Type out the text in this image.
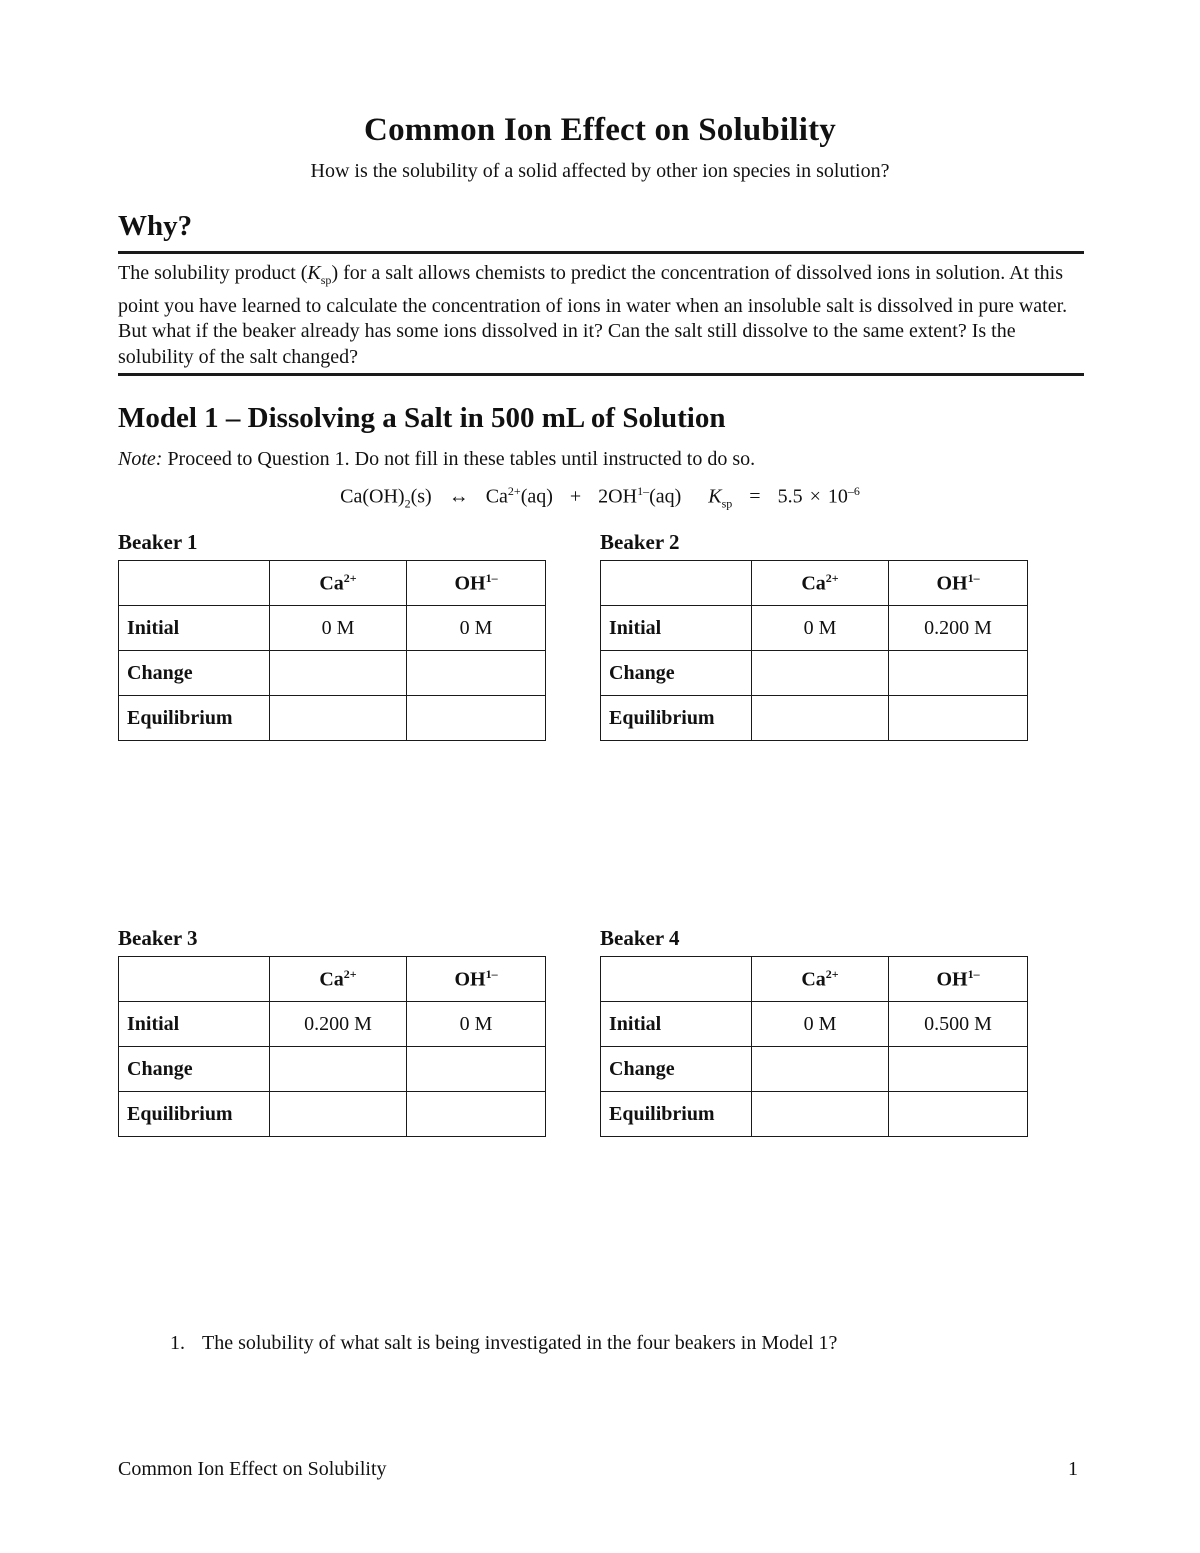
Common Ion Effect on Solubility
How is the solubility of a solid affected by other ion species in solution?
Why?
The solubility product $(K_{sp})$ for a salt allows chemists to predict the concentration of dissolved ions in solution. At this point you have learned to calculate the concentration of ions in water when an insoluble salt is dissolved in pure water. But what if the beaker already has some ions dissolved in it? Can the salt still dissolve to the same extent? Is the solubility of the salt changed?
Model 1 – Dissolving a Salt in 500 mL of Solution
Note: Proceed to Question 1. Do not fill in these tables until instructed to do so.
$Ca(OH)_2(s)$ ↔ $Ca^{2+}(aq) + 2OH^{1-}(aq) K_{sp} = 5.5 \times 10^{-6}$
Beaker 1
	$Ca^{2+}$	$OH^{1-}$
Initial	0 M	0 M
Change		
Equilibrium		
Beaker 2
	$Ca^{2+}$	$OH^{1-}$
Initial	0 M	0.200 M
Change		
Equilibrium		
Beaker 3
	$Ca^{2+}$	$OH^{1-}$
Initial	0.200 M	0 M
Change		
Equilibrium		
Beaker 4
	$Ca^{2+}$	$OH^{1-}$
Initial	0 M	0.500 M
Change		
Equilibrium		
1. The solubility of what salt is being investigated in the four beakers in Model 1?
Common Ion Effect on Solubility	1
